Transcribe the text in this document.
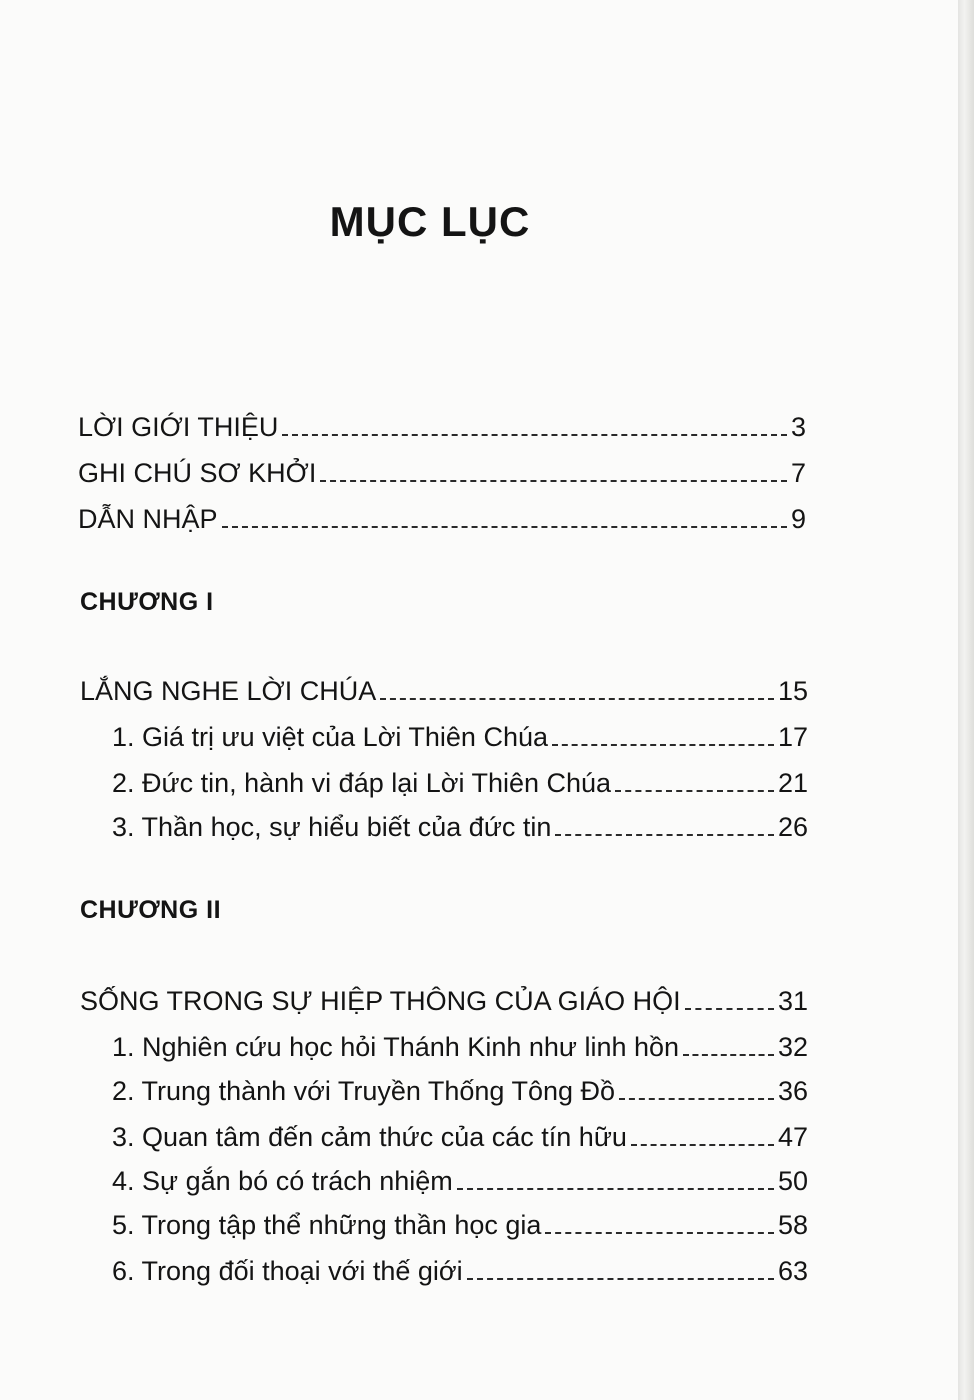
MỤC LỤC
LỜI GIỚI THIỆU	3
GHI CHÚ SƠ KHỞI	7
DẪN NHẬP	9
CHƯƠNG I
LẮNG NGHE LỜI CHÚA	15
1. Giá trị ưu việt của Lời Thiên Chúa	17
2. Đức tin, hành vi đáp lại Lời Thiên Chúa	21
3. Thần học, sự hiểu biết của đức tin	26
CHƯƠNG II
SỐNG TRONG SỰ HIỆP THÔNG CỦA GIÁO HỘI	31
1. Nghiên cứu học hỏi Thánh Kinh như linh hồn	32
2. Trung thành với Truyền Thống Tông Đồ	36
3. Quan tâm đến cảm thức của các tín hữu	47
4. Sự gắn bó có trách nhiệm	50
5. Trong tập thể những thần học gia	58
6. Trong đối thoại với thế giới	63
